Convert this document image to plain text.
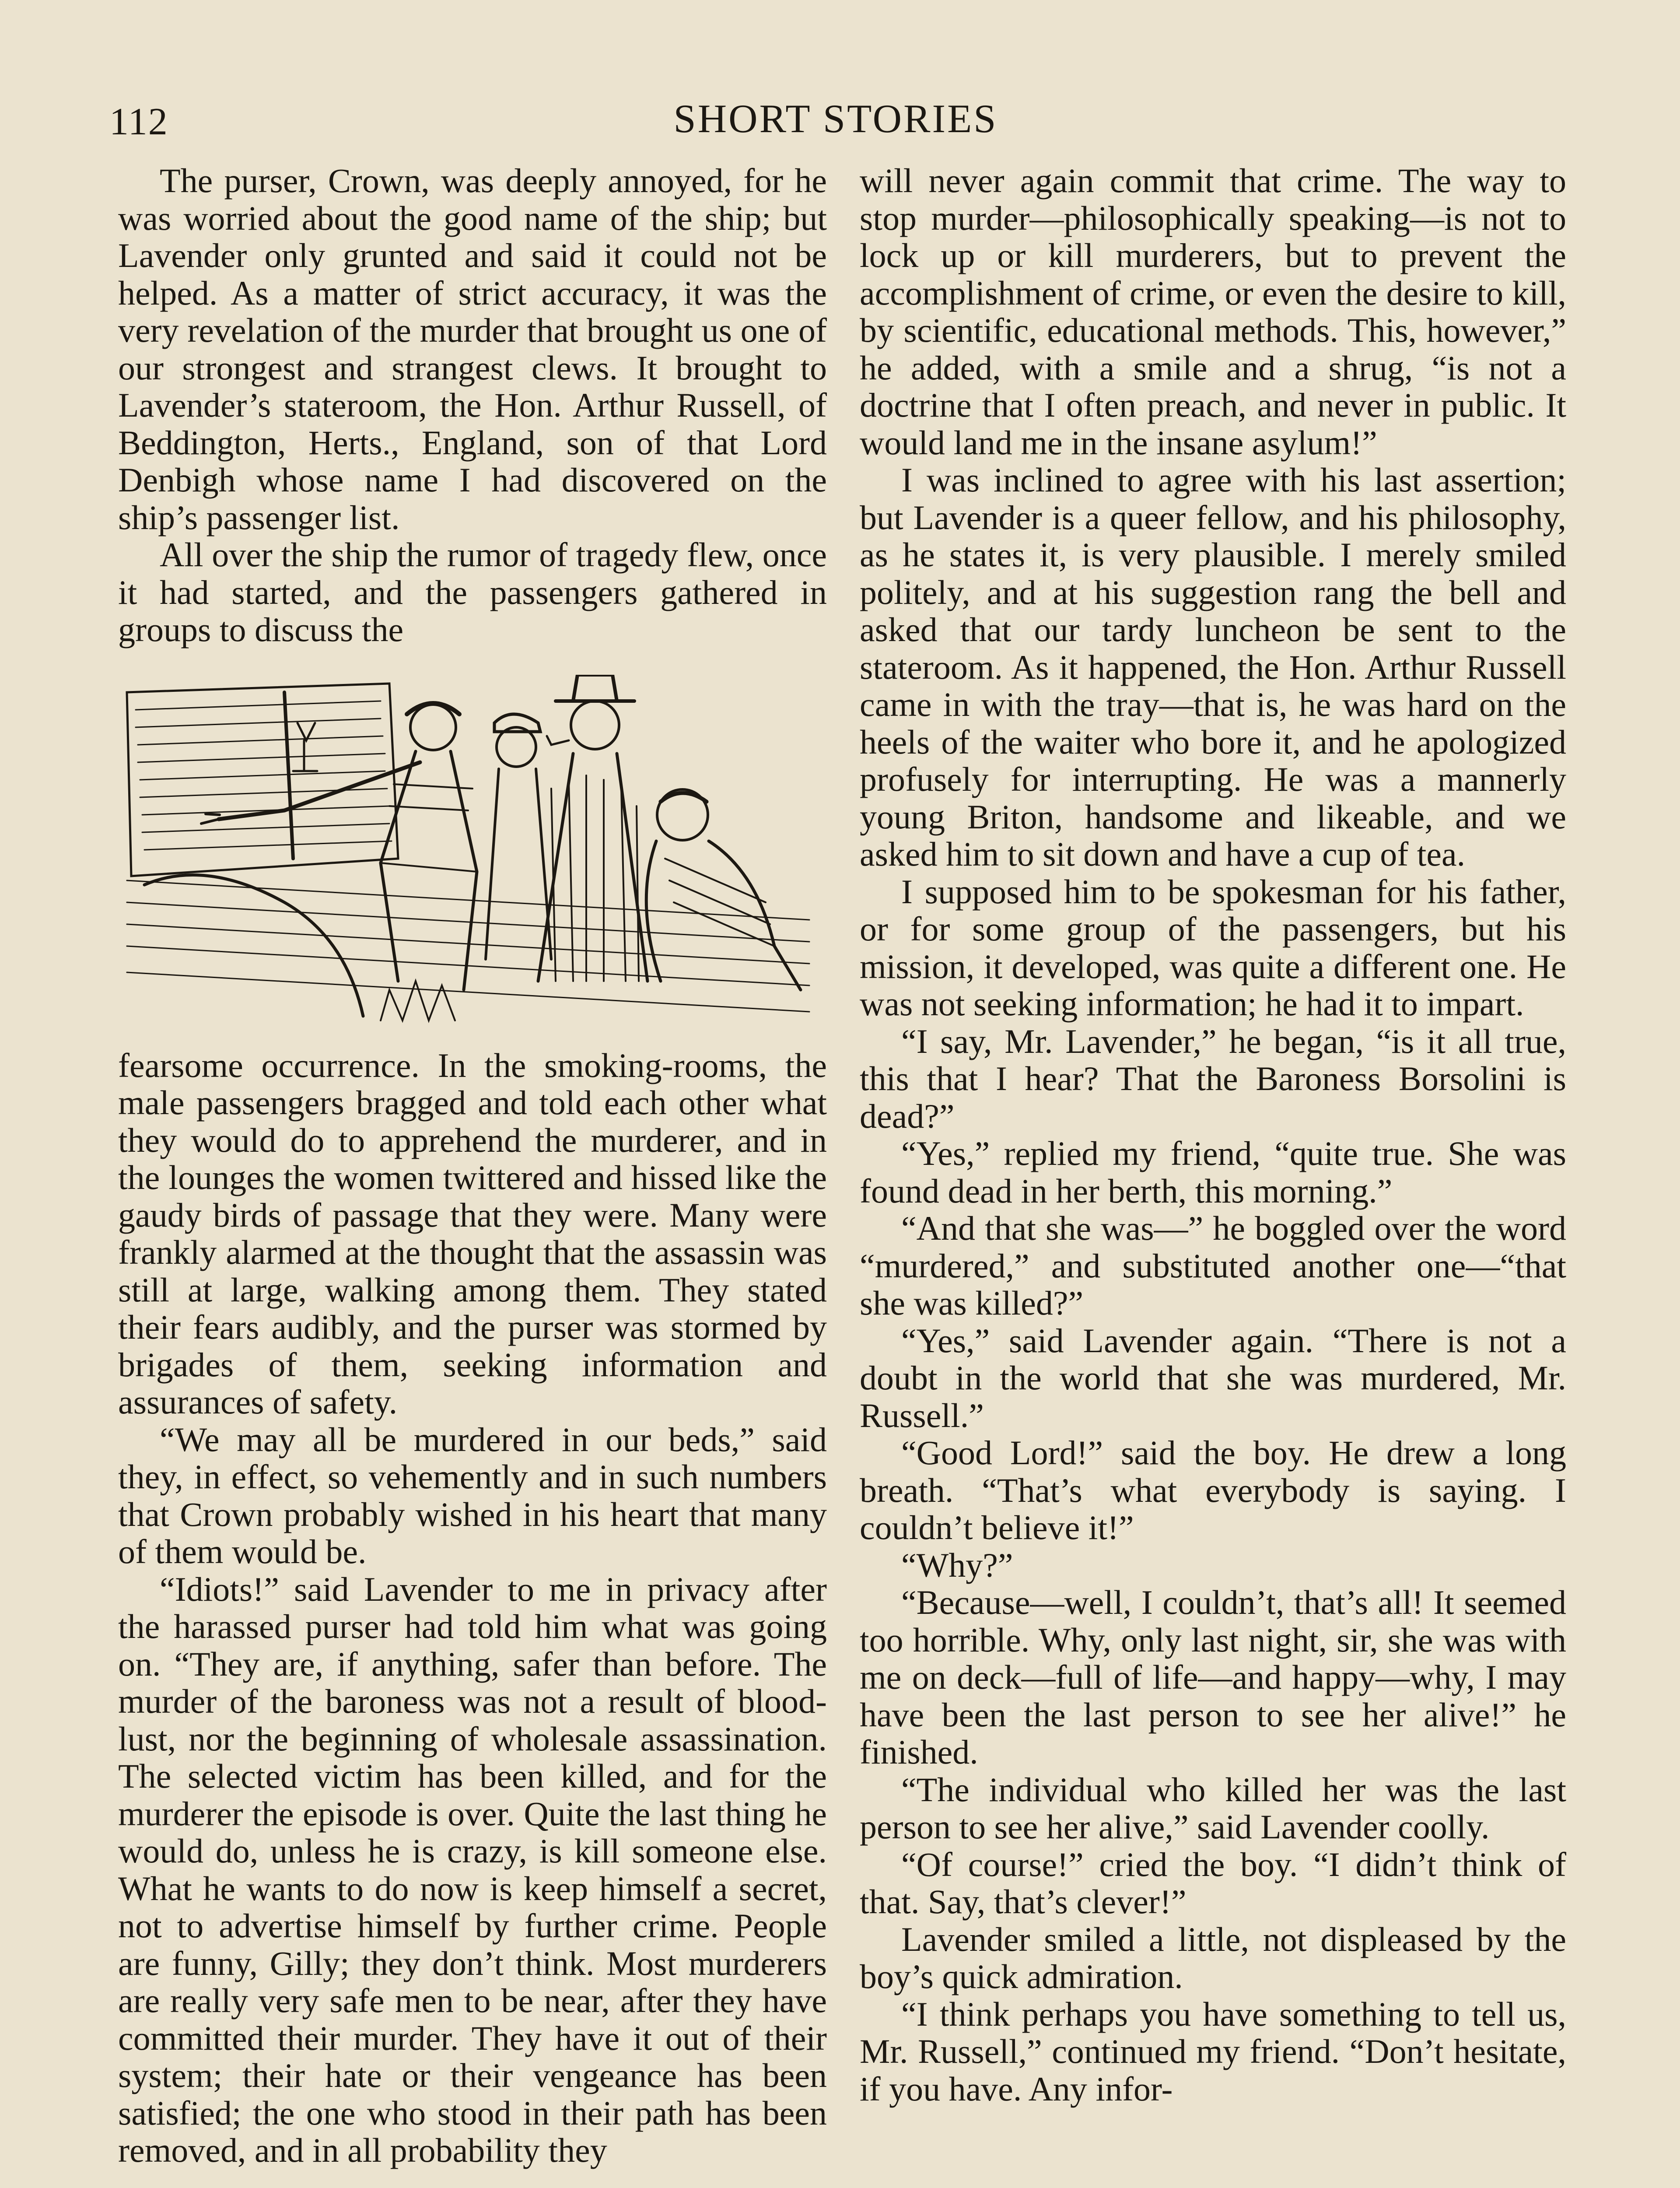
112	SHORT STORIES

The purser, Crown, was deeply annoyed, for he was worried about the good name of the ship; but Lavender only grunted and said it could not be helped. As a matter of strict accuracy, it was the very revelation of the murder that brought us one of our strongest and strangest clews. It brought to Lavender’s stateroom, the Hon. Arthur Russell, of Beddington, Herts., England, son of that Lord Denbigh whose name I had discovered on the ship’s passenger list.

All over the ship the rumor of tragedy flew, once it had started, and the passengers gathered in groups to discuss the

fearsome occurrence. In the smoking-rooms, the male passengers bragged and told each other what they would do to apprehend the murderer, and in the lounges the women twittered and hissed like the gaudy birds of passage that they were. Many were frankly alarmed at the thought that the assassin was still at large, walking among them. They stated their fears audibly, and the purser was stormed by brigades of them, seeking information and assurances of safety.

“We may all be murdered in our beds,” said they, in effect, so vehemently and in such numbers that Crown probably wished in his heart that many of them would be.

“Idiots!” said Lavender to me in privacy after the harassed purser had told him what was going on. “They are, if anything, safer than before. The murder of the baroness was not a result of blood-lust, nor the beginning of wholesale assassination. The selected victim has been killed, and for the murderer the episode is over. Quite the last thing he would do, unless he is crazy, is kill someone else. What he wants to do now is keep himself a secret, not to advertise himself by further crime. People are funny, Gilly; they don’t think. Most murderers are really very safe men to be near, after they have committed their murder. They have it out of their system; their hate or their vengeance has been satisfied; the one who stood in their path has been removed, and in all probability they

will never again commit that crime. The way to stop murder—philosophically speaking—is not to lock up or kill murderers, but to prevent the accomplishment of crime, or even the desire to kill, by scientific, educational methods. This, however,” he added, with a smile and a shrug, “is not a doctrine that I often preach, and never in public. It would land me in the insane asylum!”

I was inclined to agree with his last assertion; but Lavender is a queer fellow, and his philosophy, as he states it, is very plausible. I merely smiled politely, and at his suggestion rang the bell and asked that our tardy luncheon be sent to the stateroom. As it happened, the Hon. Arthur Russell came in with the tray—that is, he was hard on the heels of the waiter who bore it, and he apologized profusely for interrupting. He was a mannerly young Briton, handsome and likeable, and we asked him to sit down and have a cup of tea.

I supposed him to be spokesman for his father, or for some group of the passengers, but his mission, it developed, was quite a different one. He was not seeking information; he had it to impart.

“I say, Mr. Lavender,” he began, “is it all true, this that I hear? That the Baroness Borsolini is dead?”

“Yes,” replied my friend, “quite true. She was found dead in her berth, this morning.”

“And that she was—” he boggled over the word “murdered,” and substituted another one—“that she was killed?”

“Yes,” said Lavender again. “There is not a doubt in the world that she was murdered, Mr. Russell.”

“Good Lord!” said the boy. He drew a long breath. “That’s what everybody is saying. I couldn’t believe it!”

“Why?”

“Because—well, I couldn’t, that’s all! It seemed too horrible. Why, only last night, sir, she was with me on deck—full of life—and happy—why, I may have been the last person to see her alive!” he finished.

“The individual who killed her was the last person to see her alive,” said Lavender coolly.

“Of course!” cried the boy. “I didn’t think of that. Say, that’s clever!”

Lavender smiled a little, not displeased by the boy’s quick admiration.

“I think perhaps you have something to tell us, Mr. Russell,” continued my friend. “Don’t hesitate, if you have. Any infor-
